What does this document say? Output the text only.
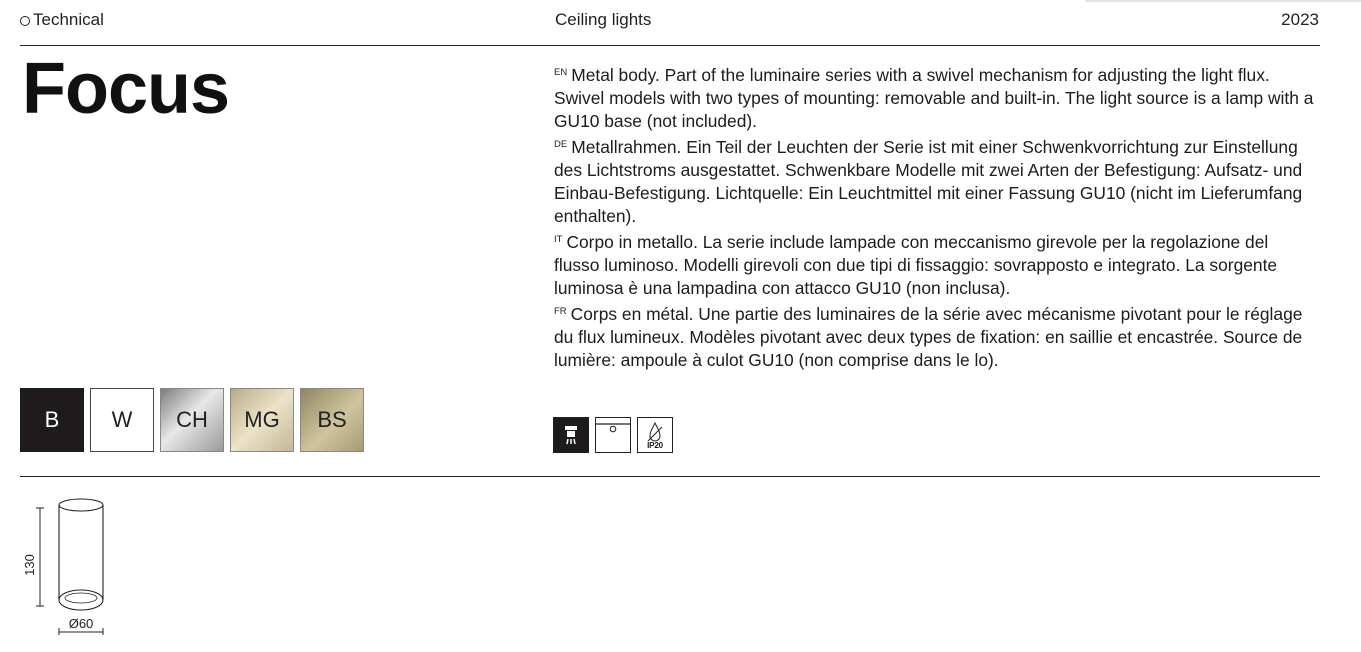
Technical	Ceiling lights	2023
Focus	$^{EN}$ Metal body. Part of the luminaire series with a swivel mechanism for adjusting the light flux. Swivel models with two types of mounting: removable and built-in. The light source is a lamp with a GU10 base (not included).

$^{DE}$ Metallrahmen. Ein Teil der Leuchten der Serie ist mit einer Schwenkvorrichtung zur Einstellung des Lichtstroms ausgestattet. Schwenkbare Modelle mit zwei Arten der Befestigung: Aufsatz- und Einbau-Befestigung. Lichtquelle: Ein Leuchtmittel mit einer Fassung GU10 (nicht im Lieferumfang enthalten).

$^{IT}$ Corpo in metallo. La serie include lampade con meccanismo girevole per la regolazione del flusso luminoso. Modelli girevoli con due tipi di fissaggio: sovrapposto e integrato. La sorgente luminosa è una lampadina con attacco GU10 (non inclusa).

$^{FR}$ Corps en métal. Une partie des luminaires de la série avec mécanisme pivotant pour le réglage du flux lumineux. Modèles pivotant avec deux types de fixation: en saillie et encastrée. Source de lumière: ampoule à culot GU10 (non comprise dans le lo).

B	W	CH	MG	BS
IP20
130
Ø60
